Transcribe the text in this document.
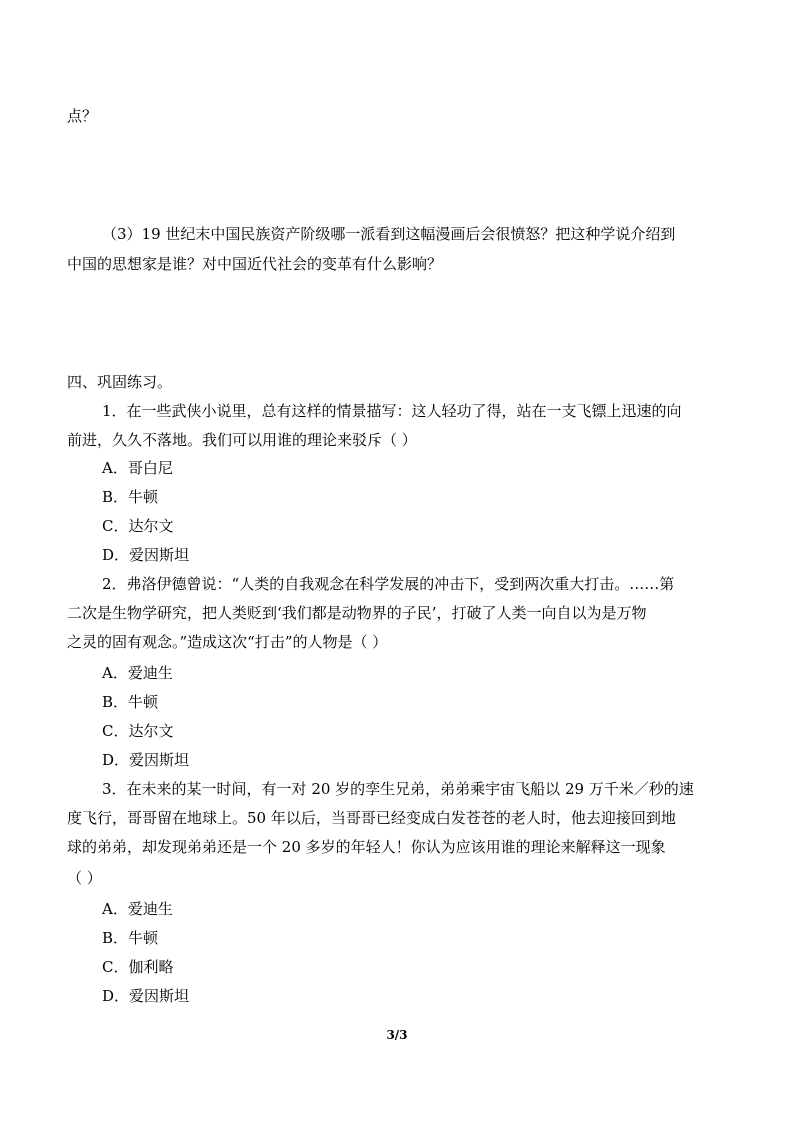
点？
（3）19 世纪末中国民族资产阶级哪一派看到这幅漫画后会很愤怒？把这种学说介绍到
中国的思想家是谁？对中国近代社会的变革有什么影响？
四、巩固练习。
1．在一些武侠小说里，总有这样的情景描写：这人轻功了得，站在一支飞镖上迅速的向
前进，久久不落地。我们可以用谁的理论来驳斥（ ）
A．哥白尼
B．牛顿
C．达尔文
D．爱因斯坦
2．弗洛伊德曾说：“人类的自我观念在科学发展的冲击下，受到两次重大打击。……第
二次是生物学研究，把人类贬到‘我们都是动物界的子民’，打破了人类一向自以为是万物
之灵的固有观念。”造成这次“打击”的人物是（ ）
A．爱迪生
B．牛顿
C．达尔文
D．爱因斯坦
3．在未来的某一时间，有一对 20 岁的孪生兄弟，弟弟乘宇宙飞船以 29 万千米／秒的速
度飞行，哥哥留在地球上。50 年以后，当哥哥已经变成白发苍苍的老人时，他去迎接回到地
球的弟弟，却发现弟弟还是一个 20 多岁的年轻人！你认为应该用谁的理论来解释这一现象
（ ）
A．爱迪生
B．牛顿
C．伽利略
D．爱因斯坦
3/3
